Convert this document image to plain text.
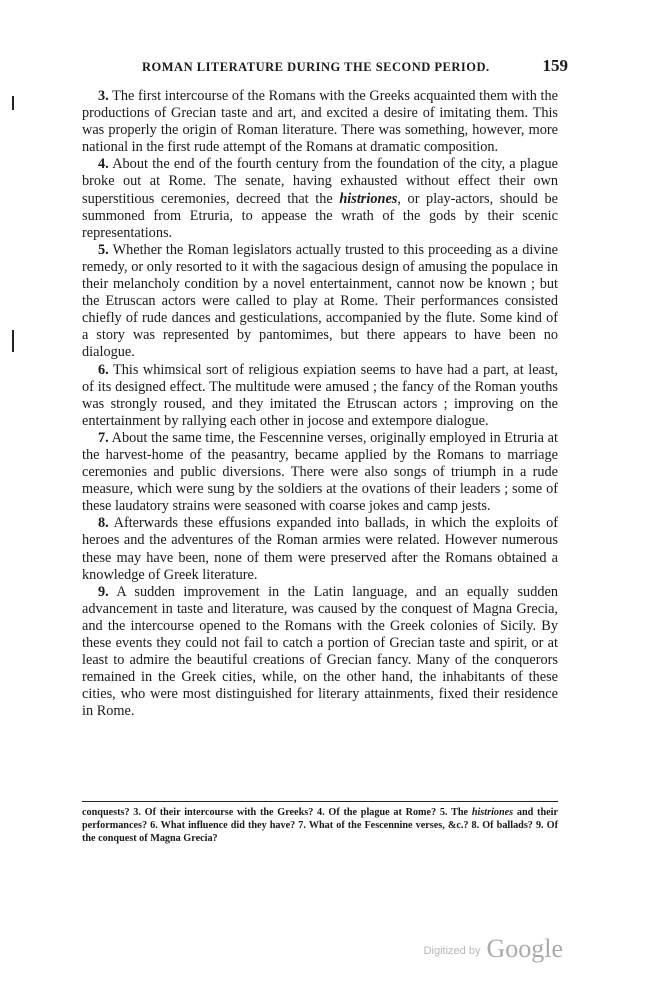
ROMAN LITERATURE DURING THE SECOND PERIOD.	159

3. The first intercourse of the Romans with the Greeks acquainted them with the productions of Grecian taste and art, and excited a desire of imitating them. This was properly the origin of Roman literature. There was something, however, more national in the first rude attempt of the Romans at dramatic composition.

4. About the end of the fourth century from the foundation of the city, a plague broke out at Rome. The senate, having exhausted without effect their own superstitious ceremonies, decreed that the histriones, or play-actors, should be summoned from Etruria, to appease the wrath of the gods by their scenic representations.

5. Whether the Roman legislators actually trusted to this proceeding as a divine remedy, or only resorted to it with the sagacious design of amusing the populace in their melancholy condition by a novel entertainment, cannot now be known ; but the Etruscan actors were called to play at Rome. Their performances consisted chiefly of rude dances and gesticulations, accompanied by the flute. Some kind of a story was represented by pantomimes, but there appears to have been no dialogue.

6. This whimsical sort of religious expiation seems to have had a part, at least, of its designed effect. The multitude were amused ; the fancy of the Roman youths was strongly roused, and they imitated the Etruscan actors ; improving on the entertainment by rallying each other in jocose and extempore dialogue.

7. About the same time, the Fescennine verses, originally employed in Etruria at the harvest-home of the peasantry, became applied by the Romans to marriage ceremonies and public diversions. There were also songs of triumph in a rude measure, which were sung by the soldiers at the ovations of their leaders ; some of these laudatory strains were seasoned with coarse jokes and camp jests.

8. Afterwards these effusions expanded into ballads, in which the exploits of heroes and the adventures of the Roman armies were related. However numerous these may have been, none of them were preserved after the Romans obtained a knowledge of Greek literature.

9. A sudden improvement in the Latin language, and an equally sudden advancement in taste and literature, was caused by the conquest of Magna Grecia, and the intercourse opened to the Romans with the Greek colonies of Sicily. By these events they could not fail to catch a portion of Grecian taste and spirit, or at least to admire the beautiful creations of Grecian fancy. Many of the conquerors remained in the Greek cities, while, on the other hand, the inhabitants of these cities, who were most distinguished for literary attainments, fixed their residence in Rome.

conquests? 3. Of their intercourse with the Greeks? 4. Of the plague at Rome? 5. The histriones and their performances? 6. What influence did they have? 7. What of the Fescennine verses, &c.? 8. Of ballads? 9. Of the conquest of Magna Grecia?
Digitized by Google
